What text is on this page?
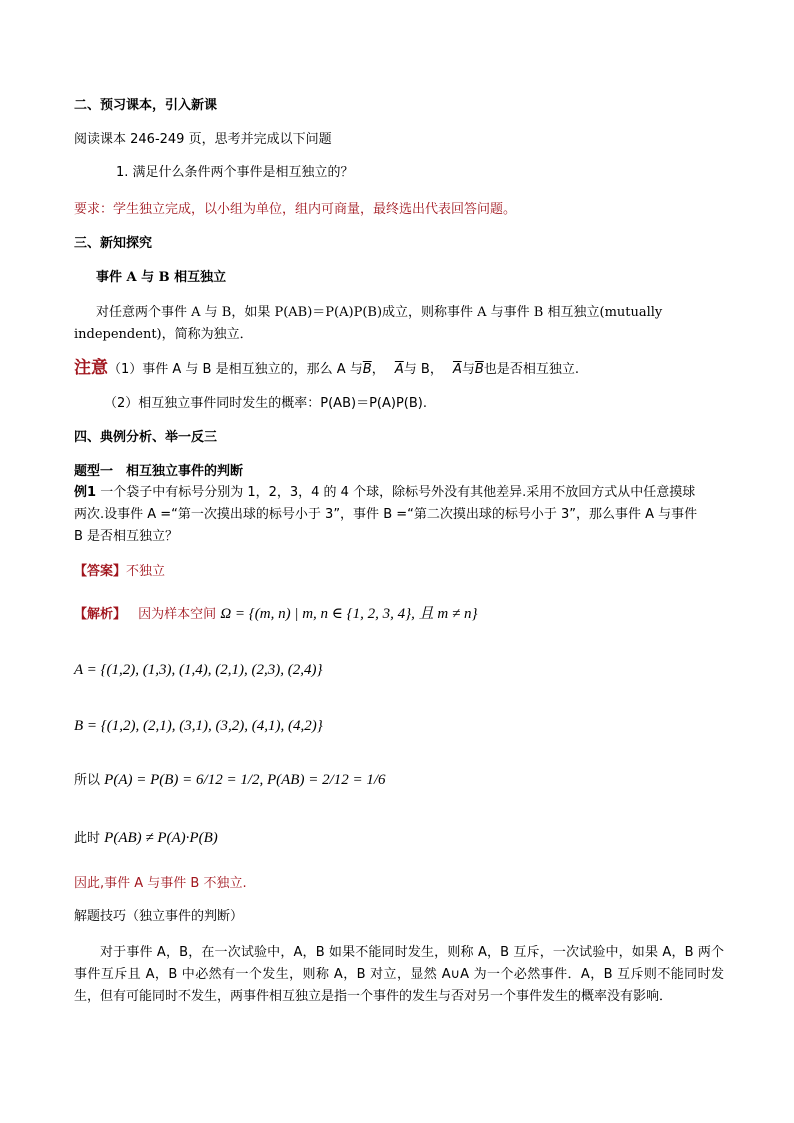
二、预习课本，引入新课
阅读课本 246-249 页，思考并完成以下问题
1. 满足什么条件两个事件是相互独立的？
要求：学生独立完成，以小组为单位，组内可商量，最终选出代表回答问题。
三、新知探究
事件 A 与 B 相互独立
对任意两个事件 A 与 B，如果 P(AB)＝P(A)P(B)成立，则称事件 A 与事件 B 相互独立(mutually
independent)，简称为独立．
注意（1）事件 A 与 B 是相互独立的，那么 A 与$\overline{B}$， $\overline{A}$与 B， $\overline{A}$与$\overline{B}$也是否相互独立.
（2）相互独立事件同时发生的概率：P(AB)＝P(A)P(B).
四、典例分析、举一反三
题型一　相互独立事件的判断
例1 一个袋子中有标号分别为 1，2，3，4 的 4 个球，除标号外没有其他差异.采用不放回方式从中任意摸球
两次.设事件 A =“第一次摸出球的标号小于 3”，事件 B =“第二次摸出球的标号小于 3”，那么事件 A 与事件
B 是否相互独立？
【答案】不独立
【解析】 因为样本空间 Ω = {(m, n) | m, n ∈ {1, 2, 3, 4}, 且 m ≠ n}
A = {(1,2), (1,3), (1,4), (2,1), (2,3), (2,4)}
B = {(1,2), (2,1), (3,1), (3,2), (4,1), (4,2)}
所以 P(A) = P(B) = 6/12 = 1/2, P(AB) = 2/12 = 1/6
此时 P(AB) ≠ P(A)·P(B)
因此,事件 A 与事件 B 不独立.
解题技巧（独立事件的判断）
对于事件 A，B，在一次试验中，A，B 如果不能同时发生，则称 A，B 互斥，一次试验中，如果 A，B 两个事件互斥且 A，B 中必然有一个发生，则称 A，B 对立，显然 A∪A 为一个必然事件．A，B 互斥则不能同时发生，但有可能同时不发生，两事件相互独立是指一个事件的发生与否对另一个事件发生的概率没有影响．
